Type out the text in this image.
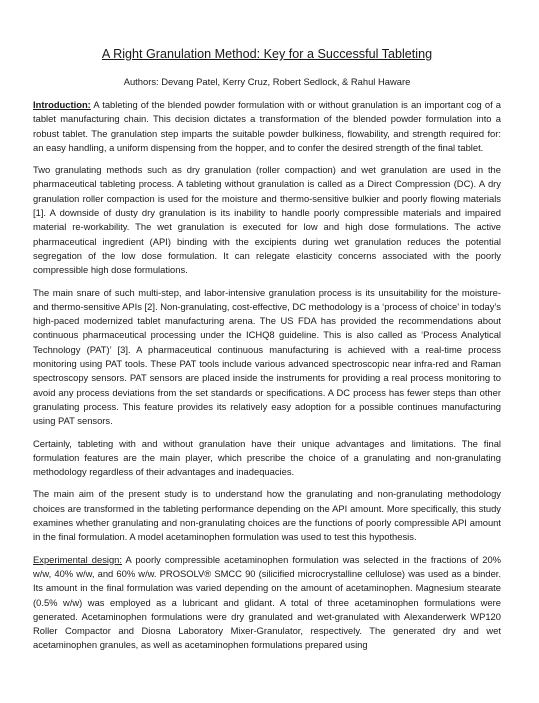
A Right Granulation Method: Key for a Successful Tableting
Authors: Devang Patel, Kerry Cruz, Robert Sedlock, & Rahul Haware

Introduction: A tableting of the blended powder formulation with or without granulation is an important cog of a tablet manufacturing chain. This decision dictates a transformation of the blended powder formulation into a robust tablet. The granulation step imparts the suitable powder bulkiness, flowability, and strength required for: an easy handling, a uniform dispensing from the hopper, and to confer the desired strength of the final tablet.

Two granulating methods such as dry granulation (roller compaction) and wet granulation are used in the pharmaceutical tableting process. A tableting without granulation is called as a Direct Compression (DC). A dry granulation roller compaction is used for the moisture and thermo-sensitive bulkier and poorly flowing materials [1]. A downside of dusty dry granulation is its inability to handle poorly compressible materials and impaired material re-workability. The wet granulation is executed for low and high dose formulations. The active pharmaceutical ingredient (API) binding with the excipients during wet granulation reduces the potential segregation of the low dose formulation. It can relegate elasticity concerns associated with the poorly compressible high dose formulations.

The main snare of such multi-step, and labor-intensive granulation process is its unsuitability for the moisture- and thermo-sensitive APIs [2]. Non-granulating, cost-effective, DC methodology is a ‘process of choice’ in today’s high-paced modernized tablet manufacturing arena. The US FDA has provided the recommendations about continuous pharmaceutical processing under the ICHQ8 guideline. This is also called as ‘Process Analytical Technology (PAT)’ [3]. A pharmaceutical continuous manufacturing is achieved with a real-time process monitoring using PAT tools. These PAT tools include various advanced spectroscopic near infra-red and Raman spectroscopy sensors. PAT sensors are placed inside the instruments for providing a real process monitoring to avoid any process deviations from the set standards or specifications. A DC process has fewer steps than other granulating process. This feature provides its relatively easy adoption for a possible continues manufacturing using PAT sensors.

Certainly, tableting with and without granulation have their unique advantages and limitations. The final formulation features are the main player, which prescribe the choice of a granulating and non-granulating methodology regardless of their advantages and inadequacies.

The main aim of the present study is to understand how the granulating and non-granulating methodology choices are transformed in the tableting performance depending on the API amount. More specifically, this study examines whether granulating and non-granulating choices are the functions of poorly compressible API amount in the final formulation. A model acetaminophen formulation was used to test this hypothesis.

Experimental design: A poorly compressible acetaminophen formulation was selected in the fractions of 20% w/w, 40% w/w, and 60% w/w. PROSOLV® SMCC 90 (silicified microcrystalline cellulose) was used as a binder. Its amount in the final formulation was varied depending on the amount of acetaminophen. Magnesium stearate (0.5% w/w) was employed as a lubricant and glidant. A total of three acetaminophen formulations were generated. Acetaminophen formulations were dry granulated and wet-granulated with Alexanderwerk WP120 Roller Compactor and Diosna Laboratory Mixer-Granulator, respectively. The generated dry and wet acetaminophen granules, as well as acetaminophen formulations prepared using
